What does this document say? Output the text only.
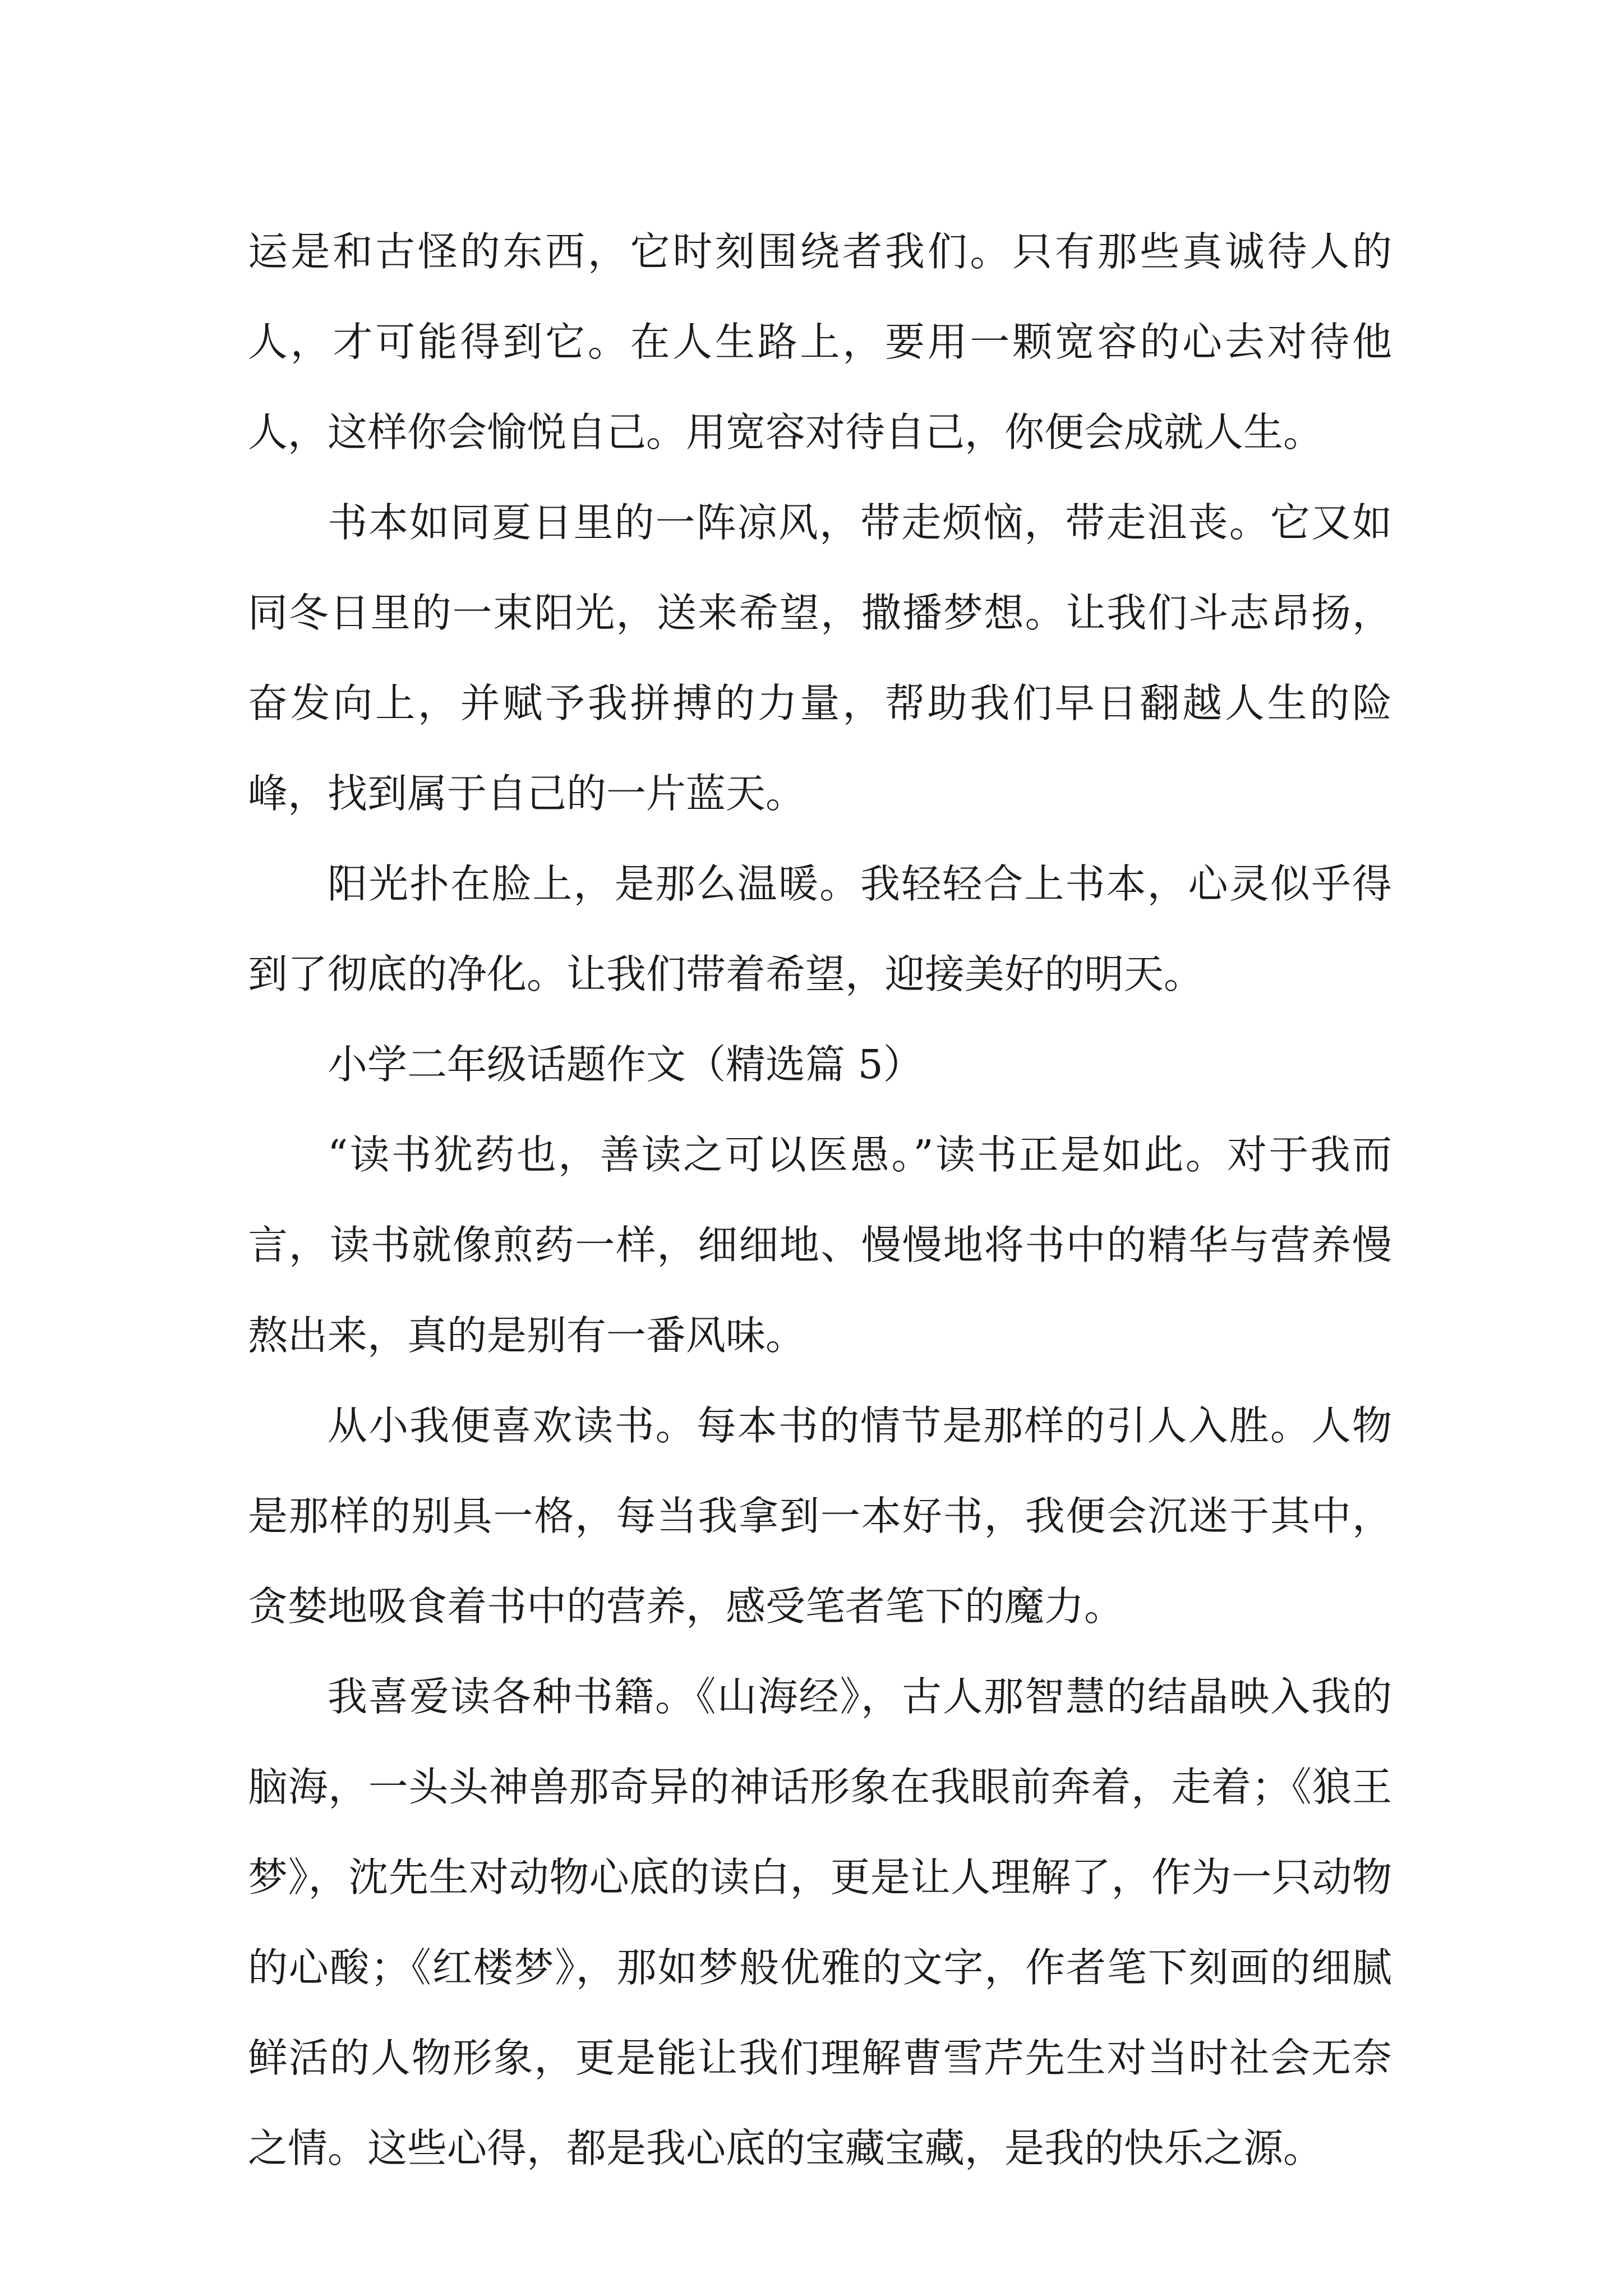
运是和古怪的东西，它时刻围绕者我们。只有那些真诚待人的人，才可能得到它。在人生路上，要用一颗宽容的心去对待他人，这样你会愉悦自己。用宽容对待自己，你便会成就人生。

书本如同夏日里的一阵凉风，带走烦恼，带走沮丧。它又如同冬日里的一束阳光，送来希望，撒播梦想。让我们斗志昂扬，奋发向上，并赋予我拼搏的力量，帮助我们早日翻越人生的险峰，找到属于自己的一片蓝天。

阳光扑在脸上，是那么温暖。我轻轻合上书本，心灵似乎得到了彻底的净化。让我们带着希望，迎接美好的明天。

小学二年级话题作文（精选篇 5）

“读书犹药也，善读之可以医愚。”读书正是如此。对于我而言，读书就像煎药一样，细细地、慢慢地将书中的精华与营养慢熬出来，真的是别有一番风味。

从小我便喜欢读书。每本书的情节是那样的引人入胜。人物是那样的别具一格，每当我拿到一本好书，我便会沉迷于其中，贪婪地吸食着书中的营养，感受笔者笔下的魔力。

我喜爱读各种书籍。《山海经》，古人那智慧的结晶映入我的脑海，一头头神兽那奇异的神话形象在我眼前奔着，走着；《狼王梦》，沈先生对动物心底的读白，更是让人理解了，作为一只动物的心酸；《红楼梦》，那如梦般优雅的文字，作者笔下刻画的细腻鲜活的人物形象，更是能让我们理解曹雪芹先生对当时社会无奈之情。这些心得，都是我心底的宝藏宝藏，是我的快乐之源。
